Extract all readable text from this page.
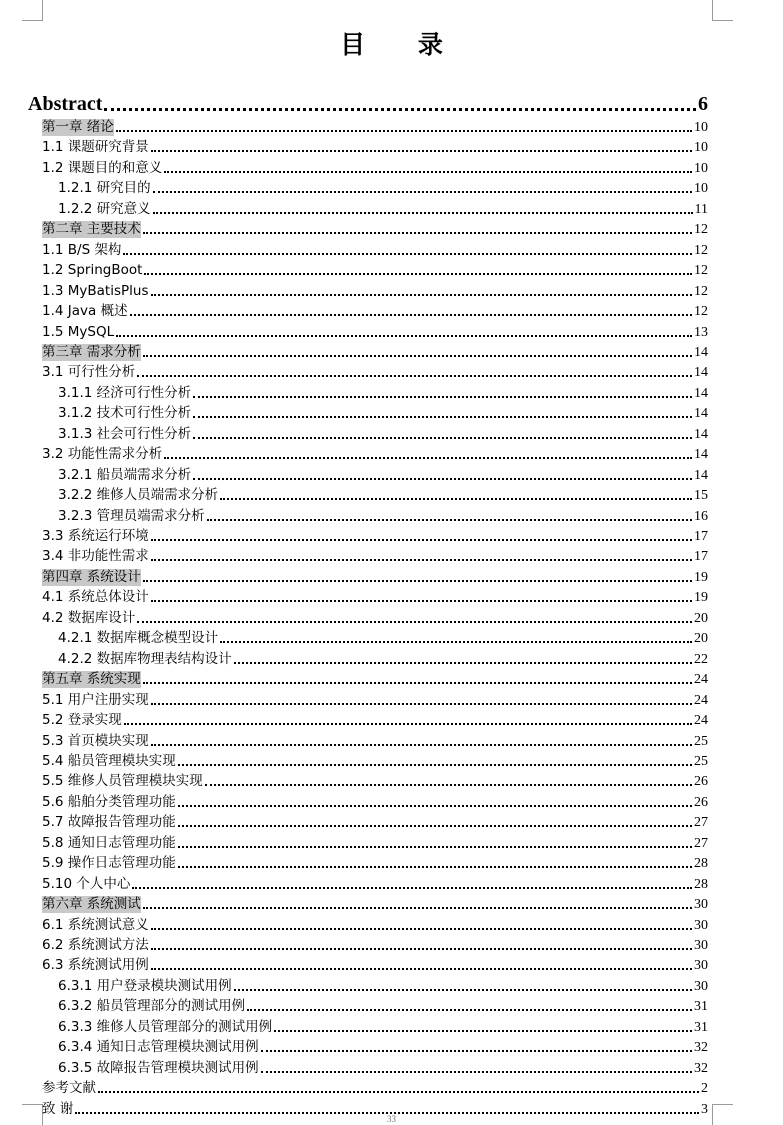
目 录
Abstract	6
第一章 绪论	10
1.1 课题研究背景	10
1.2 课题目的和意义	10
1.2.1 研究目的	10
1.2.2 研究意义	11
第二章 主要技术	12
1.1 B/S 架构	12
1.2 SpringBoot	12
1.3 MyBatisPlus	12
1.4 Java 概述	12
1.5 MySQL	13
第三章 需求分析	14
3.1 可行性分析	14
3.1.1 经济可行性分析	14
3.1.2 技术可行性分析	14
3.1.3 社会可行性分析	14
3.2 功能性需求分析	14
3.2.1 船员端需求分析	14
3.2.2 维修人员端需求分析	15
3.2.3 管理员端需求分析	16
3.3 系统运行环境	17
3.4 非功能性需求	17
第四章 系统设计	19
4.1 系统总体设计	19
4.2 数据库设计	20
4.2.1 数据库概念模型设计	20
4.2.2 数据库物理表结构设计	22
第五章 系统实现	24
5.1 用户注册实现	24
5.2 登录实现	24
5.3 首页模块实现	25
5.4 船员管理模块实现	25
5.5 维修人员管理模块实现	26
5.6 船舶分类管理功能	26
5.7 故障报告管理功能	27
5.8 通知日志管理功能	27
5.9 操作日志管理功能	28
5.10 个人中心	28
第六章 系统测试	30
6.1 系统测试意义	30
6.2 系统测试方法	30
6.3 系统测试用例	30
6.3.1 用户登录模块测试用例	30
6.3.2 船员管理部分的测试用例	31
6.3.3 维修人员管理部分的测试用例	31
6.3.4 通知日志管理模块测试用例	32
6.3.5 故障报告管理模块测试用例	32
参考文献	2
致 谢	3
33
